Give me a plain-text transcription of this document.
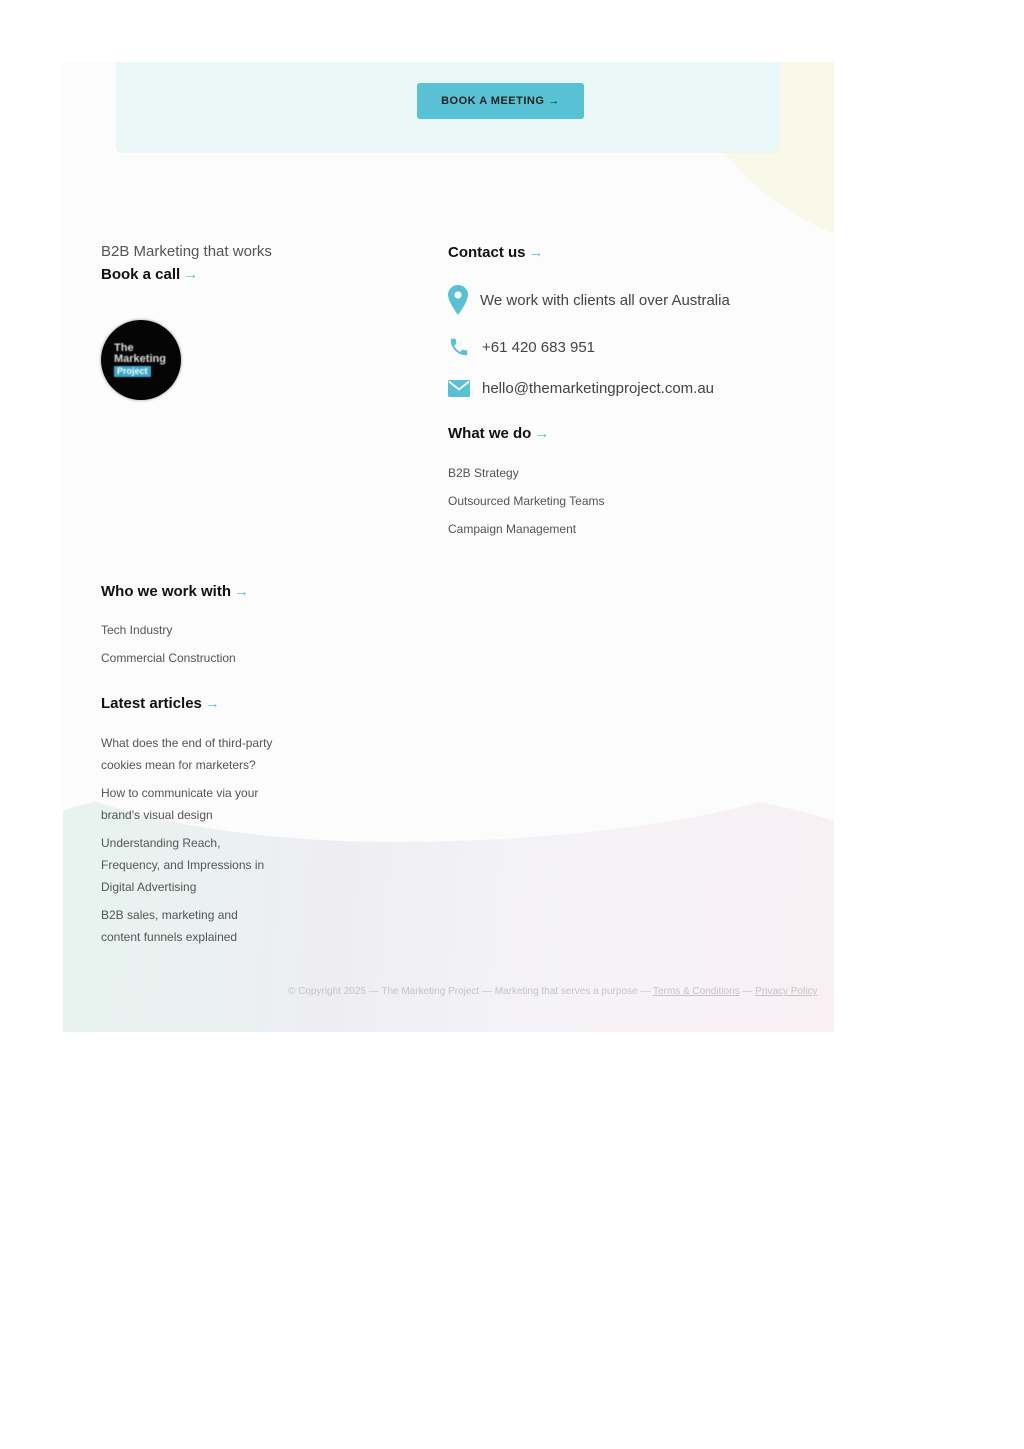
BOOK A MEETING →
B2B Marketing that works
Book a call →
The
Marketing
Project
Contact us →
We work with clients all over Australia
+61 420 683 951
hello@themarketingproject.com.au
What we do →
B2B Strategy
Outsourced Marketing Teams
Campaign Management
Who we work with →
Tech Industry
Commercial Construction
Latest articles →
What does the end of third-party cookies mean for marketers?
How to communicate via your brand's visual design
Understanding Reach, Frequency, and Impressions in Digital Advertising
B2B sales, marketing and content funnels explained
© Copyright 2025 — The Marketing Project — Marketing that serves a purpose — Terms & Conditions — Privacy Policy
